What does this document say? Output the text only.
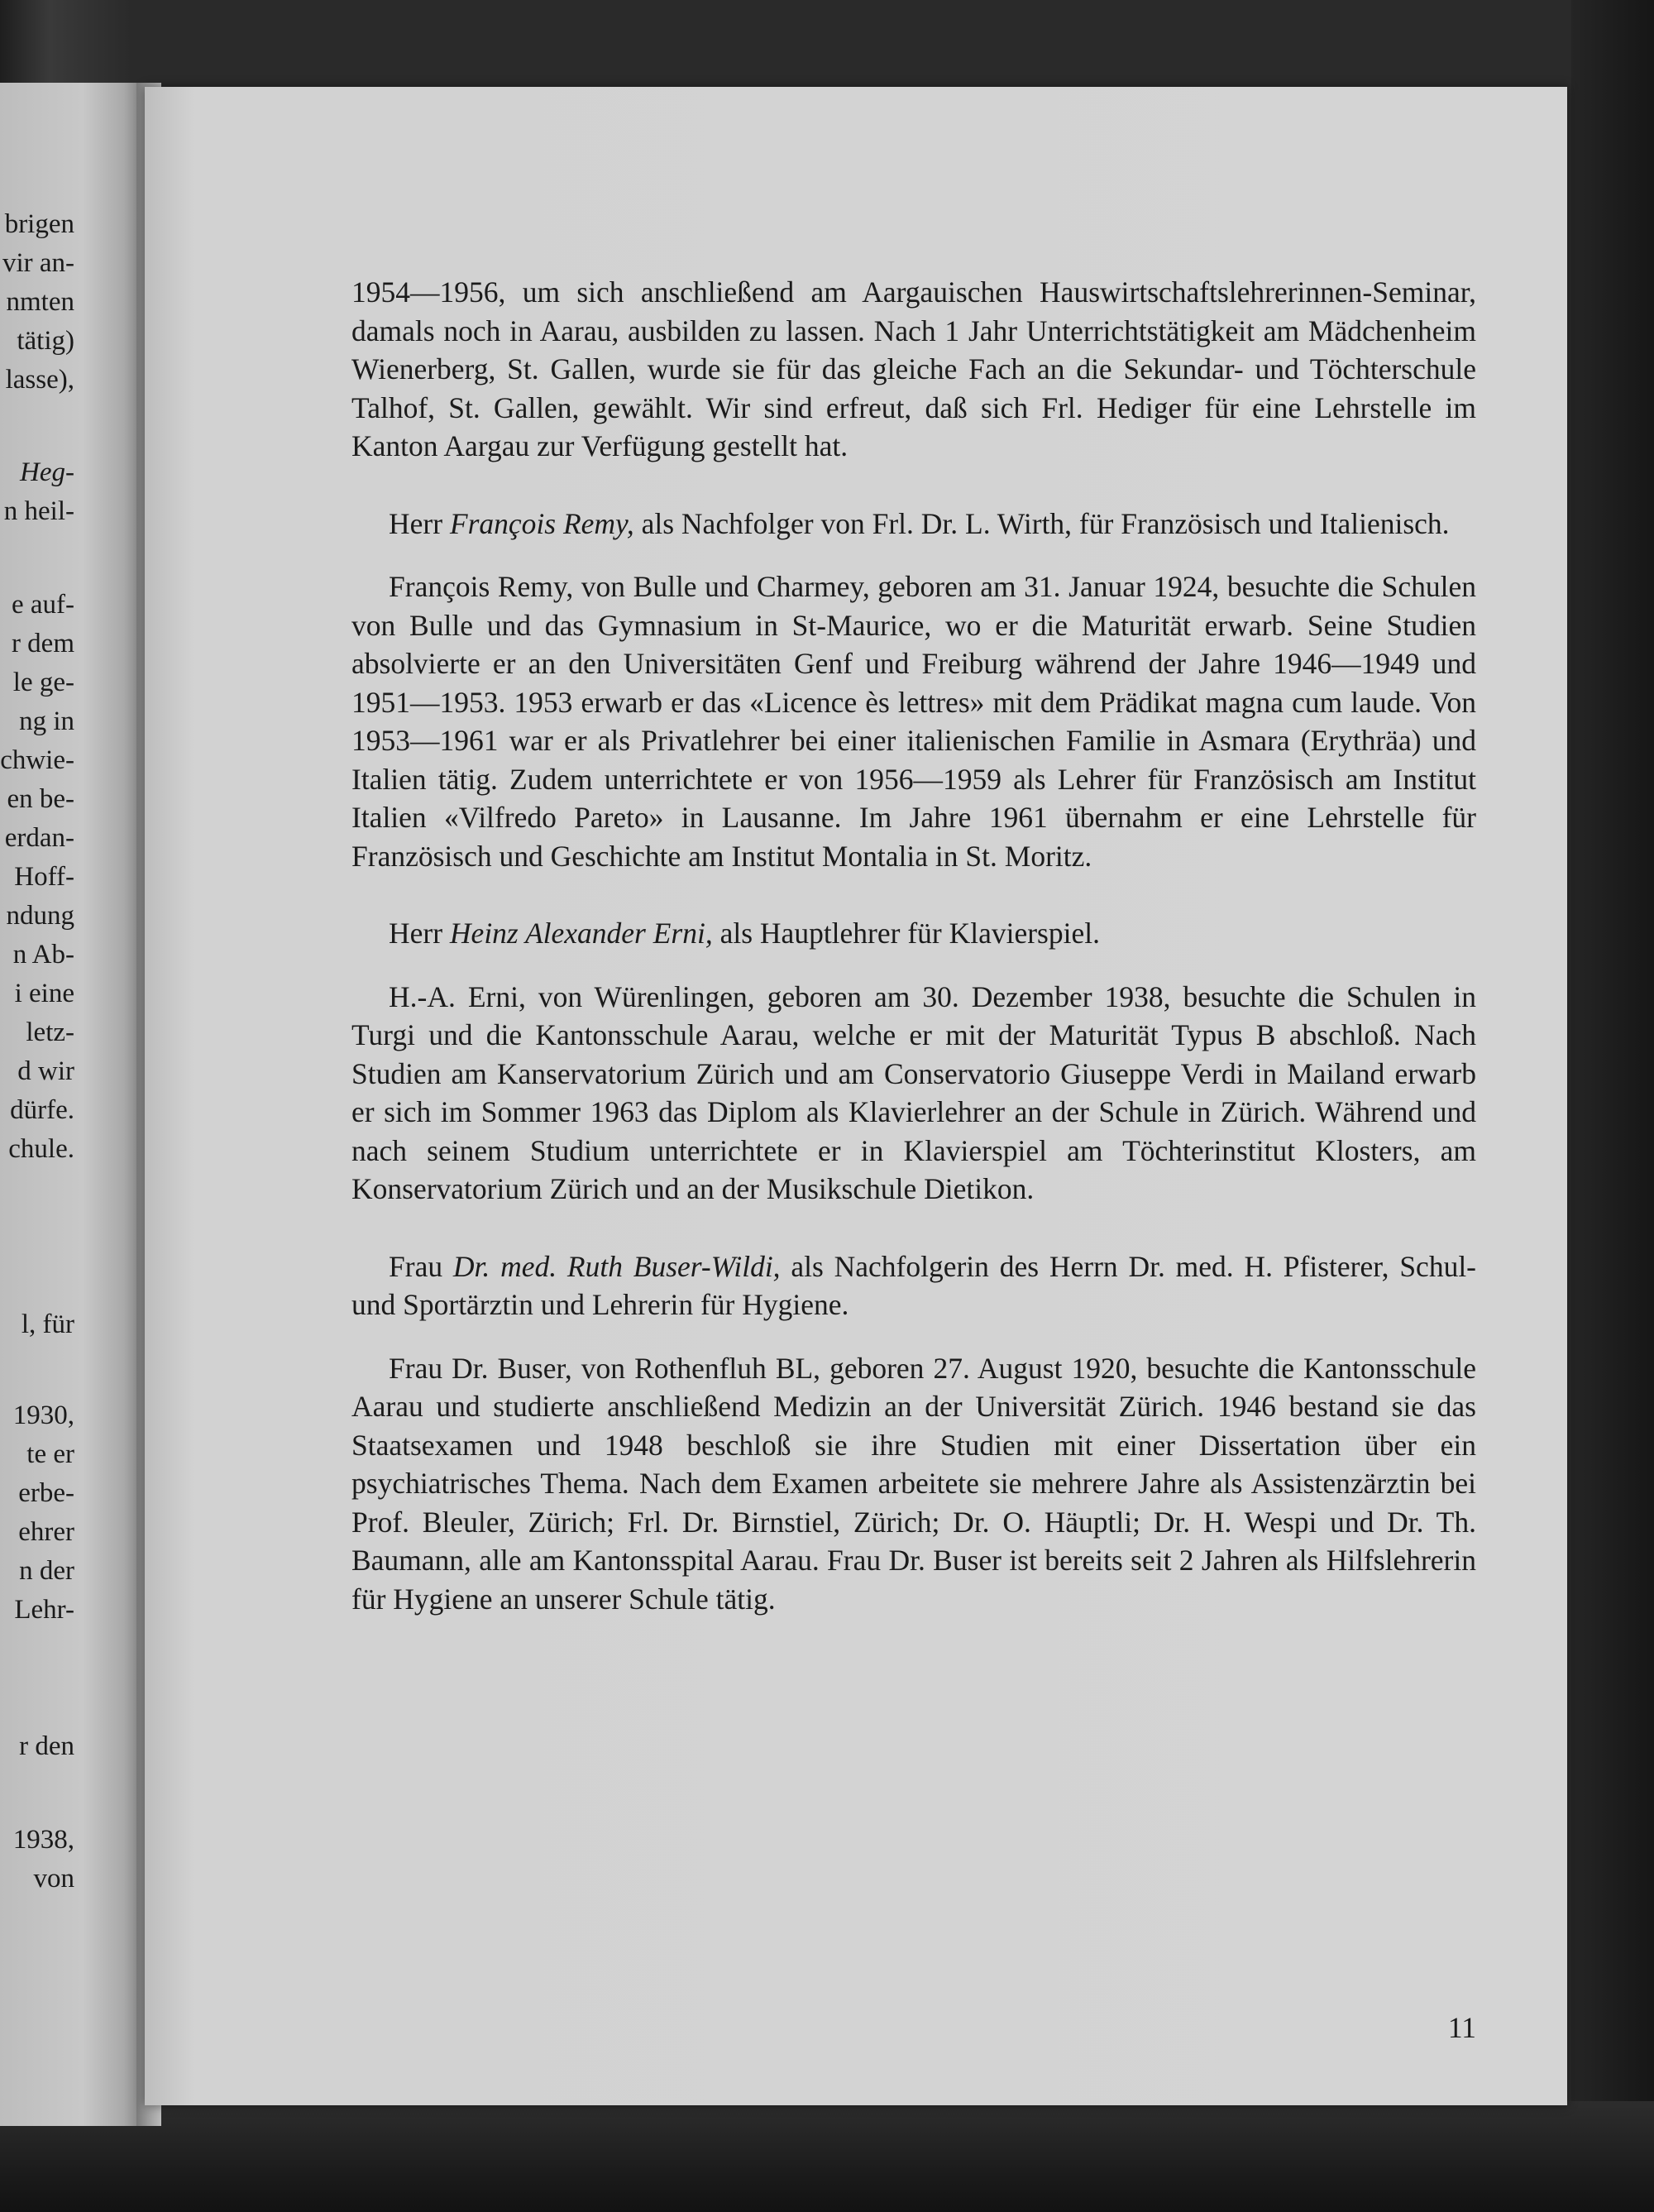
brigen
vir an-
nmten
tätig)
lasse),
Heg-
n heil-
e auf-
r dem
le ge-
ng in
chwie-
en be-
erdan-
Hoff-
ndung
n Ab-
i eine
letz-
d wir
dürfe.
chule.
l, für
1930,
te er
erbe-
ehrer
n der
Lehr-
r den
1938,
von

1954—1956, um sich anschließend am Aargauischen Hauswirtschaftslehrerinnen-Seminar, damals noch in Aarau, ausbilden zu lassen. Nach 1 Jahr Unterrichtstätigkeit am Mädchenheim Wienerberg, St. Gallen, wurde sie für das gleiche Fach an die Sekundar- und Töchterschule Talhof, St. Gallen, gewählt. Wir sind erfreut, daß sich Frl. Hediger für eine Lehrstelle im Kanton Aargau zur Verfügung gestellt hat.

Herr François Remy, als Nachfolger von Frl. Dr. L. Wirth, für Französisch und Italienisch.

François Remy, von Bulle und Charmey, geboren am 31. Januar 1924, besuchte die Schulen von Bulle und das Gymnasium in St-Maurice, wo er die Maturität erwarb. Seine Studien absolvierte er an den Universitäten Genf und Freiburg während der Jahre 1946—1949 und 1951—1953. 1953 erwarb er das «Licence ès lettres» mit dem Prädikat magna cum laude. Von 1953—1961 war er als Privatlehrer bei einer italienischen Familie in Asmara (Erythräa) und Italien tätig. Zudem unterrichtete er von 1956—1959 als Lehrer für Französisch am Institut Italien «Vilfredo Pareto» in Lausanne. Im Jahre 1961 übernahm er eine Lehrstelle für Französisch und Geschichte am Institut Montalia in St. Moritz.

Herr Heinz Alexander Erni, als Hauptlehrer für Klavierspiel.

H.-A. Erni, von Würenlingen, geboren am 30. Dezember 1938, besuchte die Schulen in Turgi und die Kantonsschule Aarau, welche er mit der Maturität Typus B abschloß. Nach Studien am Kanservatorium Zürich und am Conservatorio Giuseppe Verdi in Mailand erwarb er sich im Sommer 1963 das Diplom als Klavierlehrer an der Schule in Zürich. Während und nach seinem Studium unterrichtete er in Klavierspiel am Töchterinstitut Klosters, am Konservatorium Zürich und an der Musikschule Dietikon.

Frau Dr. med. Ruth Buser-Wildi, als Nachfolgerin des Herrn Dr. med. H. Pfisterer, Schul- und Sportärztin und Lehrerin für Hygiene.

Frau Dr. Buser, von Rothenfluh BL, geboren 27. August 1920, besuchte die Kantonsschule Aarau und studierte anschließend Medizin an der Universität Zürich. 1946 bestand sie das Staatsexamen und 1948 beschloß sie ihre Studien mit einer Dissertation über ein psychiatrisches Thema. Nach dem Examen arbeitete sie mehrere Jahre als Assistenzärztin bei Prof. Bleuler, Zürich; Frl. Dr. Birnstiel, Zürich; Dr. O. Häuptli; Dr. H. Wespi und Dr. Th. Baumann, alle am Kantonsspital Aarau. Frau Dr. Buser ist bereits seit 2 Jahren als Hilfslehrerin für Hygiene an unserer Schule tätig.

11
